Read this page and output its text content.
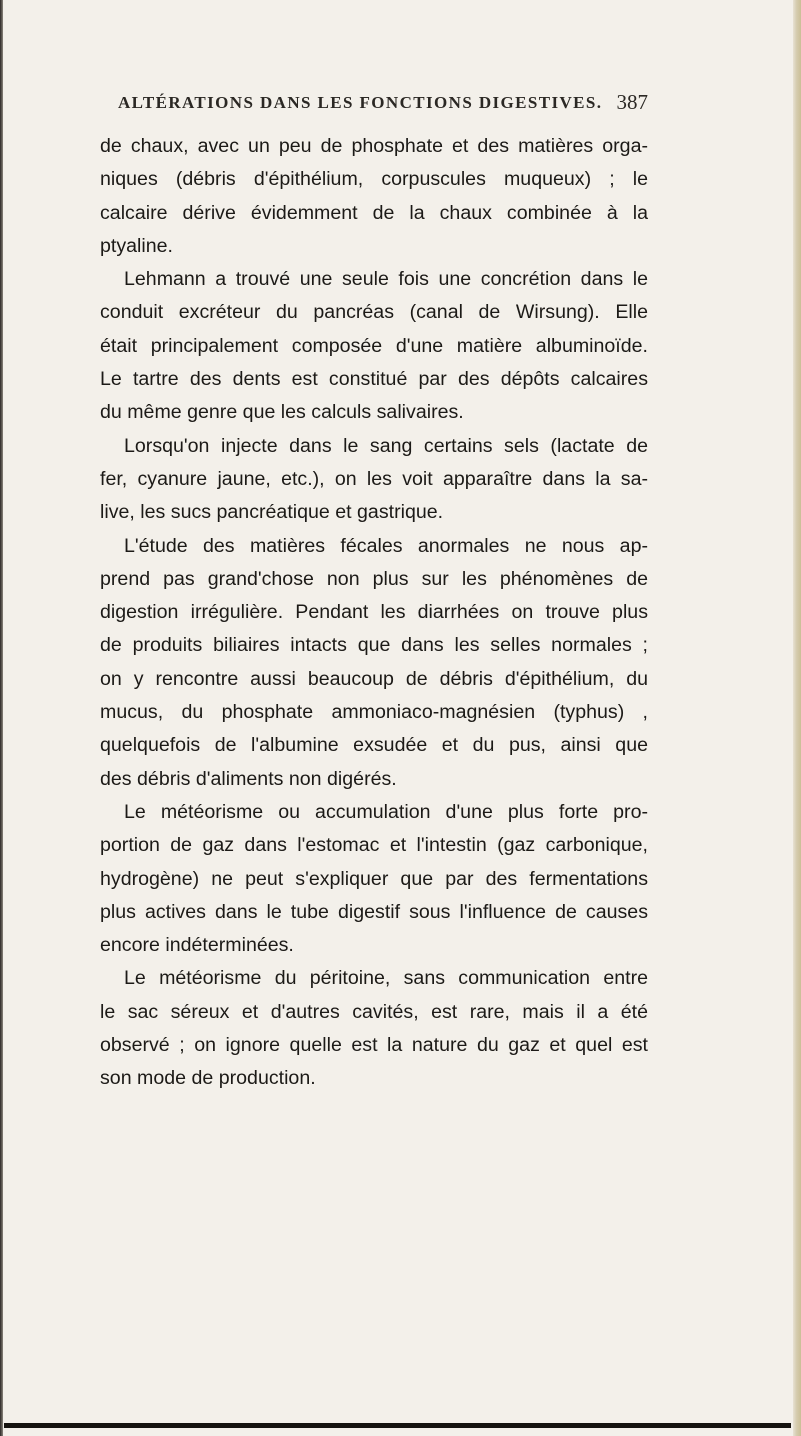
ALTÉRATIONS DANS LES FONCTIONS DIGESTIVES. 387
de chaux, avec un peu de phosphate et des matières orga-
niques (débris d'épithélium, corpuscules muqueux) ; le
calcaire dérive évidemment de la chaux combinée à la
ptyaline.
Lehmann a trouvé une seule fois une concrétion dans le
conduit excréteur du pancréas (canal de Wirsung). Elle
était principalement composée d'une matière albuminoïde.
Le tartre des dents est constitué par des dépôts calcaires
du même genre que les calculs salivaires.
Lorsqu'on injecte dans le sang certains sels (lactate de
fer, cyanure jaune, etc.), on les voit apparaître dans la sa-
live, les sucs pancréatique et gastrique.
L'étude des matières fécales anormales ne nous ap-
prend pas grand'chose non plus sur les phénomènes de
digestion irrégulière. Pendant les diarrhées on trouve plus
de produits biliaires intacts que dans les selles normales ;
on y rencontre aussi beaucoup de débris d'épithélium, du
mucus, du phosphate ammoniaco-magnésien (typhus) ,
quelquefois de l'albumine exsudée et du pus, ainsi que
des débris d'aliments non digérés.
Le météorisme ou accumulation d'une plus forte pro-
portion de gaz dans l'estomac et l'intestin (gaz carbonique,
hydrogène) ne peut s'expliquer que par des fermentations
plus actives dans le tube digestif sous l'influence de causes
encore indéterminées.
Le météorisme du péritoine, sans communication entre
le sac séreux et d'autres cavités, est rare, mais il a été
observé ; on ignore quelle est la nature du gaz et quel est
son mode de production.
